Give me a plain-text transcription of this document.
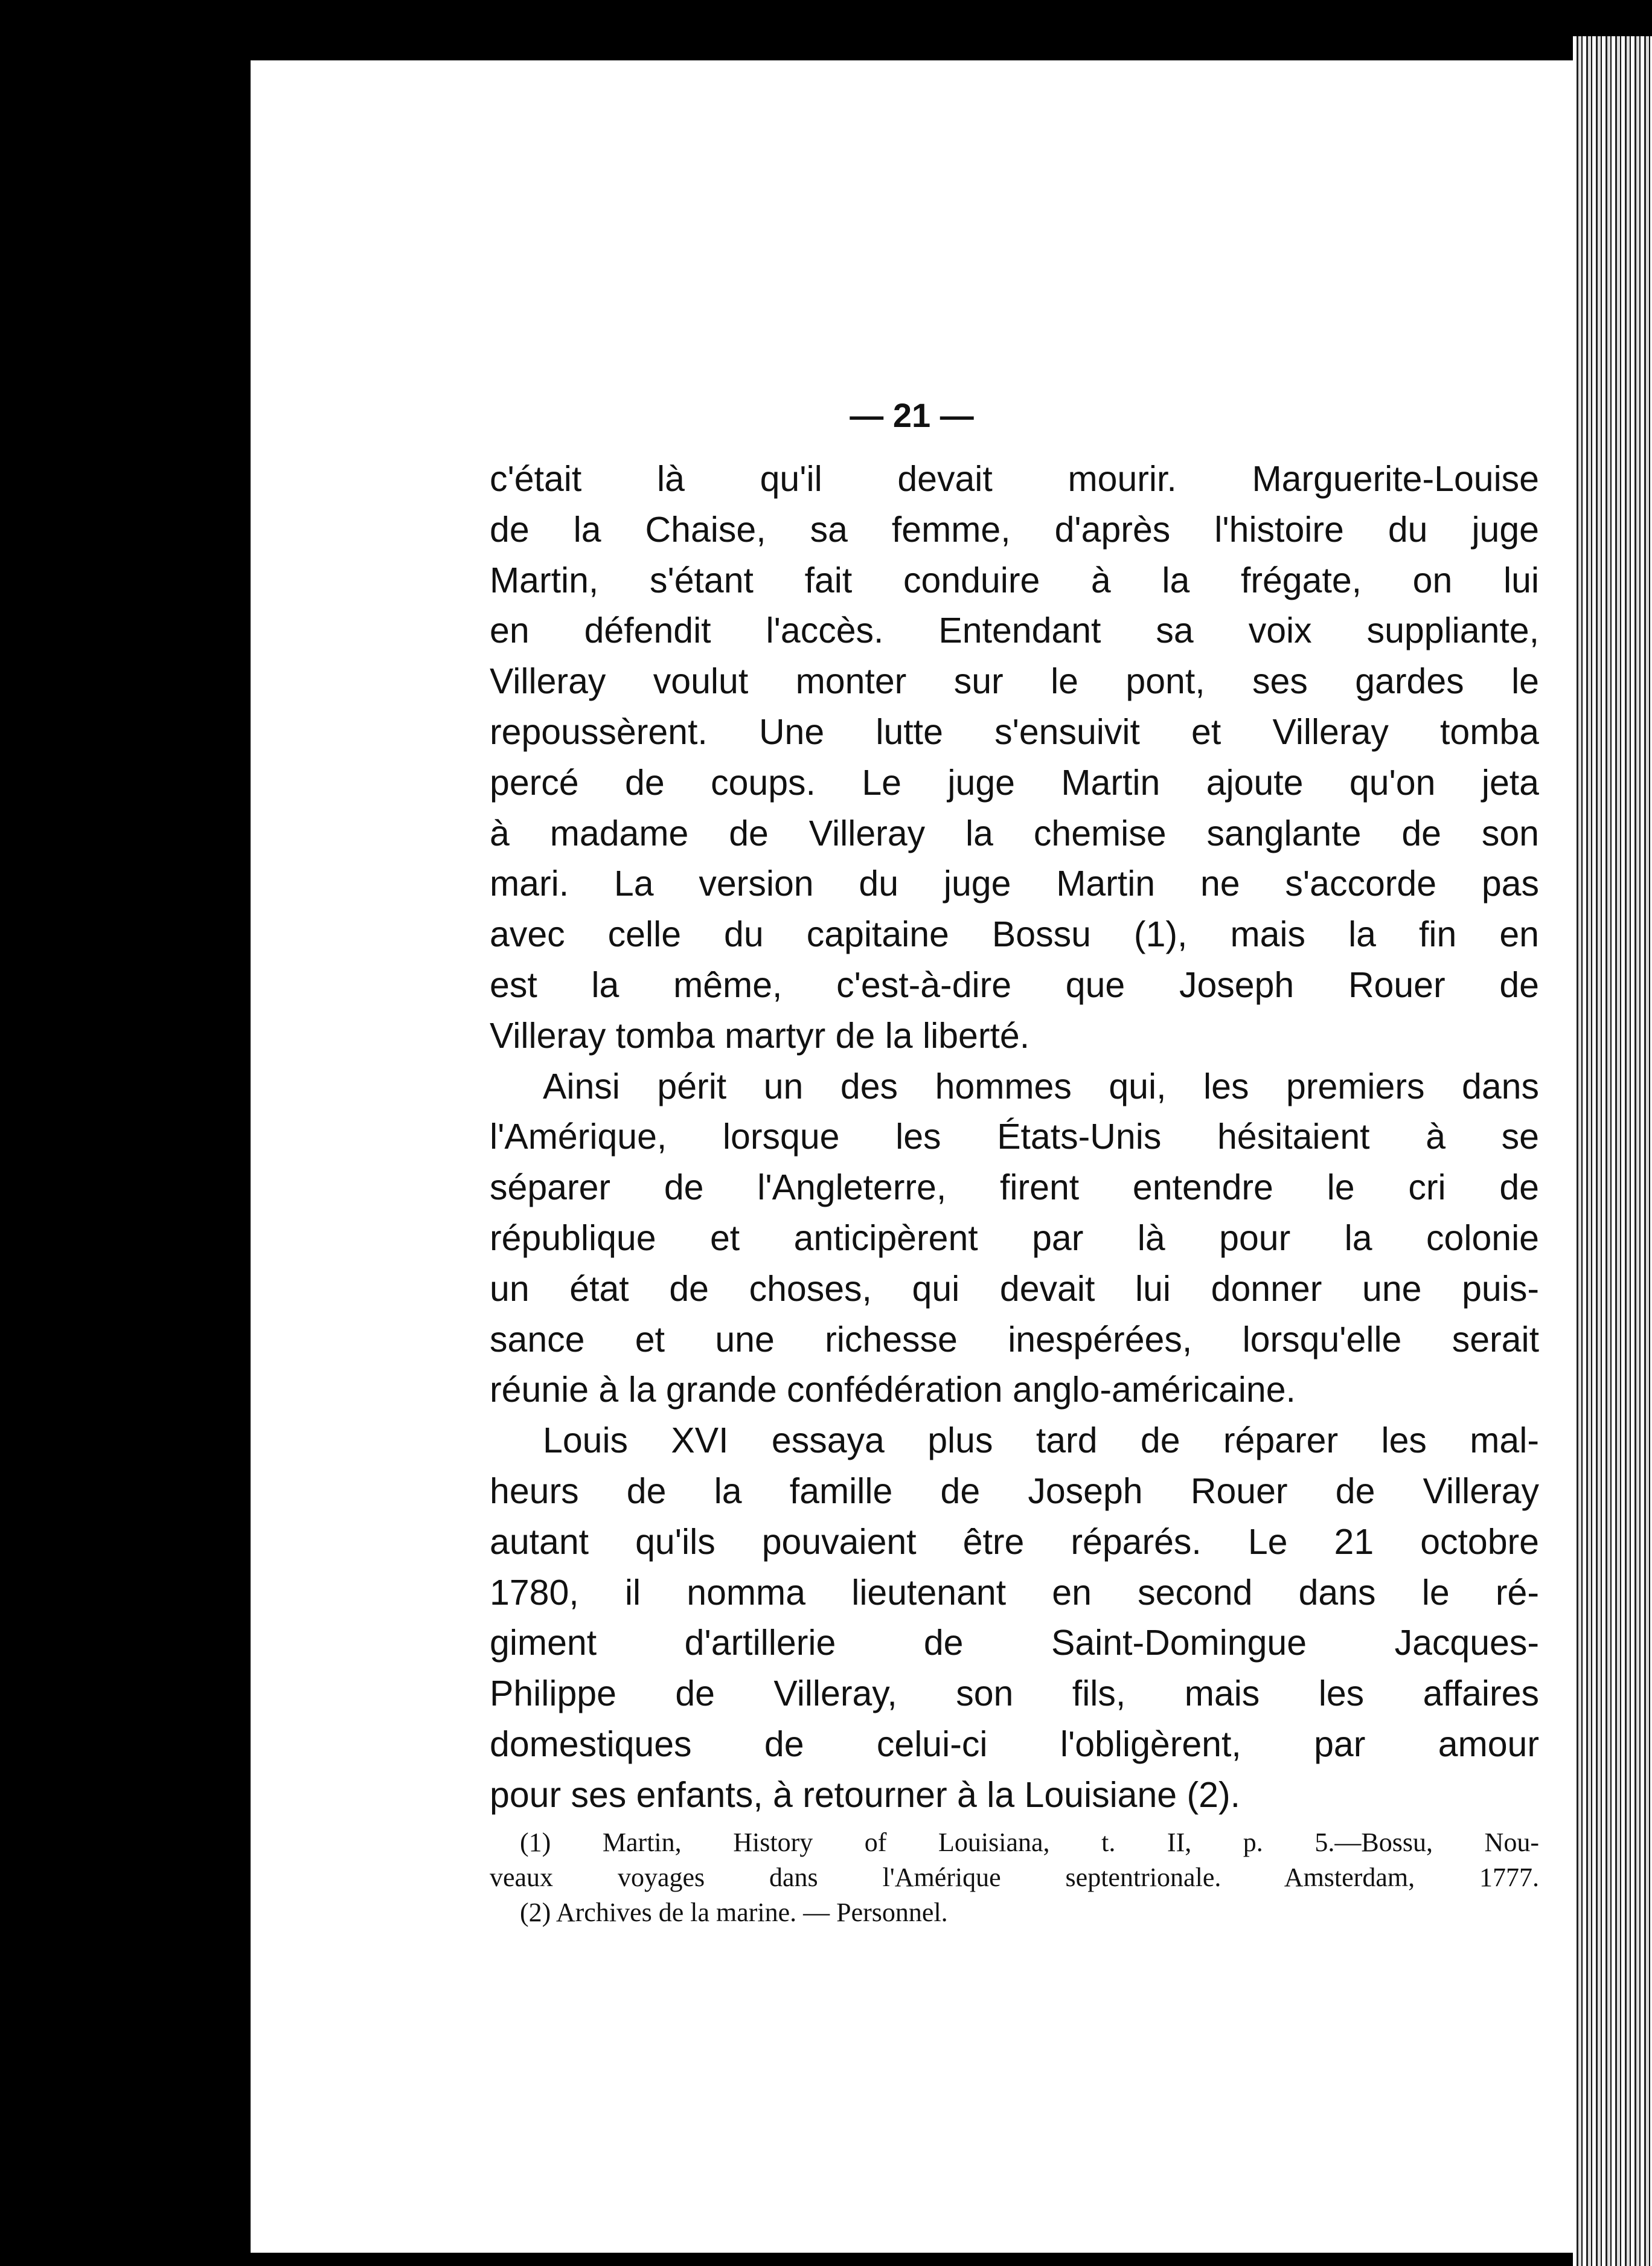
— 21 —
c'était là qu'il devait mourir. Marguerite-Louise
de la Chaise, sa femme, d'après l'histoire du juge
Martin, s'étant fait conduire à la frégate, on lui
en défendit l'accès. Entendant sa voix suppliante,
Villeray voulut monter sur le pont, ses gardes le
repoussèrent. Une lutte s'ensuivit et Villeray tomba
percé de coups. Le juge Martin ajoute qu'on jeta
à madame de Villeray la chemise sanglante de son
mari. La version du juge Martin ne s'accorde pas
avec celle du capitaine Bossu (1), mais la fin en
est la même, c'est-à-dire que Joseph Rouer de
Villeray tomba martyr de la liberté.
Ainsi périt un des hommes qui, les premiers dans
l'Amérique, lorsque les États-Unis hésitaient à se
séparer de l'Angleterre, firent entendre le cri de
république et anticipèrent par là pour la colonie
un état de choses, qui devait lui donner une puis-
sance et une richesse inespérées, lorsqu'elle serait
réunie à la grande confédération anglo-américaine.
Louis XVI essaya plus tard de réparer les mal-
heurs de la famille de Joseph Rouer de Villeray
autant qu'ils pouvaient être réparés. Le 21 octobre
1780, il nomma lieutenant en second dans le ré-
giment d'artillerie de Saint-Domingue Jacques-
Philippe de Villeray, son fils, mais les affaires
domestiques de celui-ci l'obligèrent, par amour
pour ses enfants, à retourner à la Louisiane (2).
(1) Martin, History of Louisiana, t. II, p. 5.—Bossu, Nou-
veaux voyages dans l'Amérique septentrionale. Amsterdam, 1777.
(2) Archives de la marine. — Personnel.
